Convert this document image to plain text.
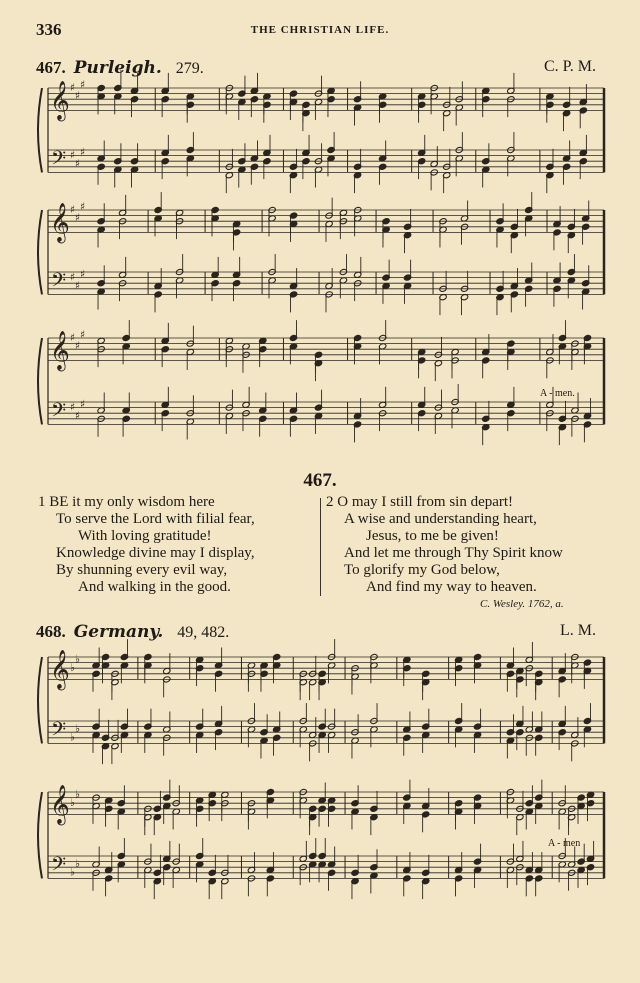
336	THE CHRISTIAN LIFE.
467. Purleigh. 279.	C. P. M.
𝄞
𝄢
♯
♯
♯
♯
♯
♯
𝄞
𝄢
♯
♯
♯
♯
♯
♯
𝄞
𝄢
♯
♯
♯
♯
♯
♯
𝄞
𝄢
♭
♭
♭
♭
𝄞
𝄢
♭
♭
♭
♭
A - men.
467.
1 BE it my only wisdom here
To serve the Lord with filial fear,
With loving gratitude!
Knowledge divine may I display,
By shunning every evil way,
And walking in the good.
2 O may I still from sin depart!
A wise and understanding heart,
Jesus, to me be given!
And let me through Thy Spirit know
To glorify my God below,
And find my way to heaven.
C. Wesley. 1762, a.
468. Germany. 49, 482.	L. M.
A - men
